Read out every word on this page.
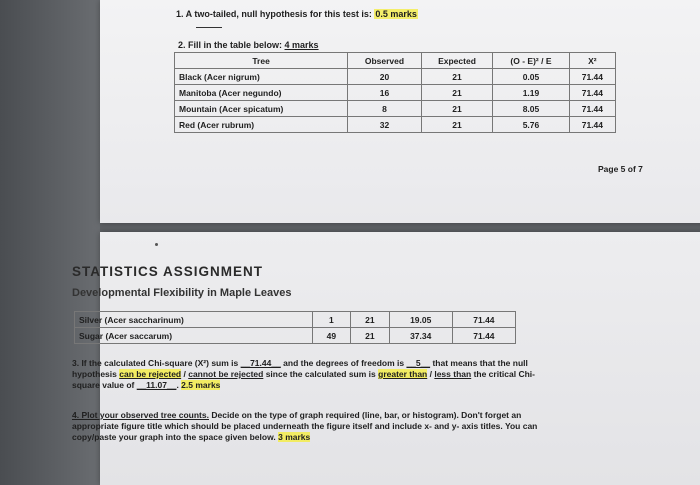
1. A two-tailed, null hypothesis for this test is: 0.5 marks
2. Fill in the table below: 4 marks
Tree	Observed	Expected	(O - E)² / E	X²
Black (Acer nigrum)	20	21	0.05	71.44
Manitoba (Acer negundo)	16	21	1.19	71.44
Mountain (Acer spicatum)	8	21	8.05	71.44
Red (Acer rubrum)	32	21	5.76	71.44
Page 5 of 7
STATISTICS ASSIGNMENT
Developmental Flexibility in Maple Leaves
Silver (Acer saccharinum)	1	21	19.05	71.44
Sugar (Acer saccarum)	49	21	37.34	71.44
3. If the calculated Chi-square (X²) sum is __71.44__ and the degrees of freedom is __5__ that means that the null hypothesis can be rejected / cannot be rejected since the calculated sum is greater than / less than the critical Chi-square value of __11.07__. 2.5 marks
4. Plot your observed tree counts. Decide on the type of graph required (line, bar, or histogram). Don't forget an appropriate figure title which should be placed underneath the figure itself and include x- and y- axis titles. You can copy/paste your graph into the space given below. 3 marks
